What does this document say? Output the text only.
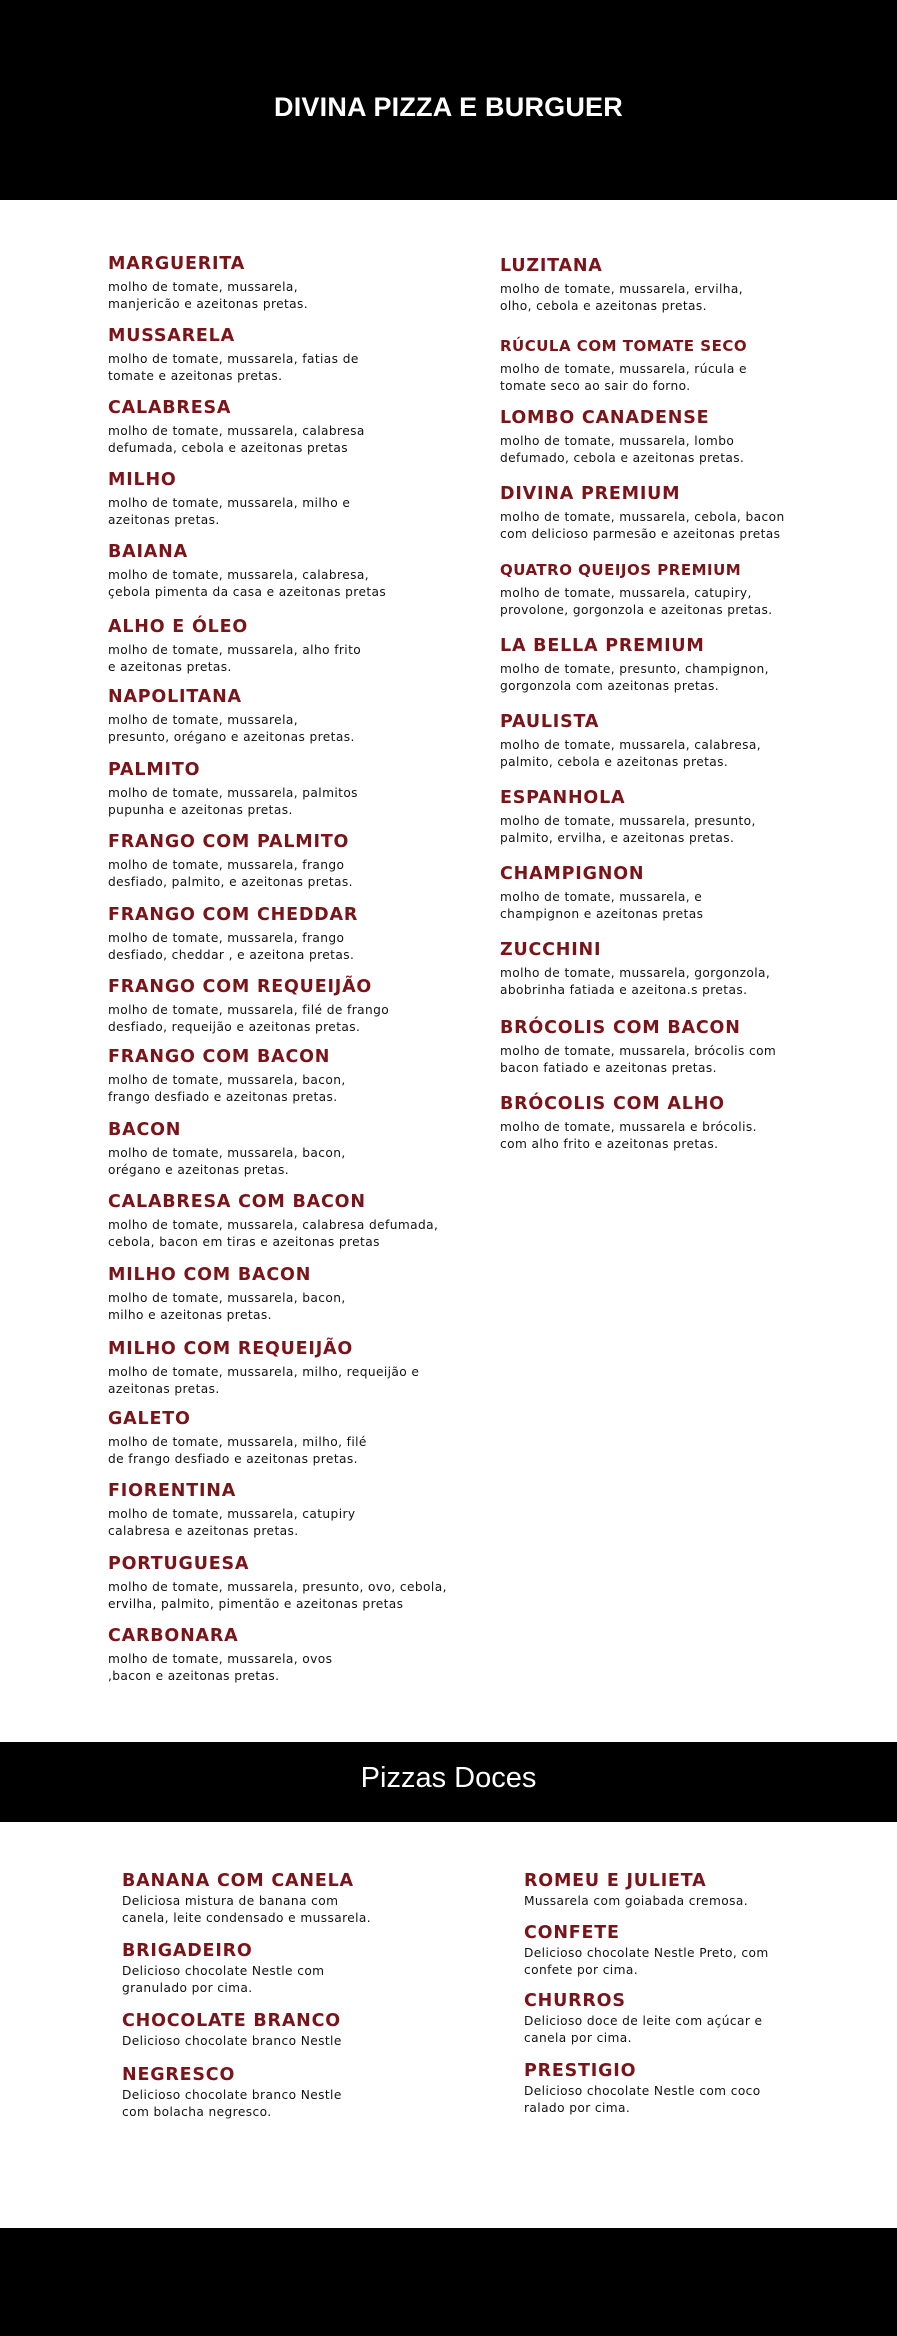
DIVINA PIZZA E BURGUER
MARGUERITA

molho de tomate, mussarela,
manjericão e azeitonas pretas.

MUSSARELA

molho de tomate, mussarela, fatias de
tomate e azeitonas pretas.

CALABRESA

molho de tomate, mussarela, calabresa
defumada, cebola e azeitonas pretas

MILHO

molho de tomate, mussarela, milho e
azeitonas pretas.

BAIANA

molho de tomate, mussarela, calabresa,
çebola pimenta da casa e azeitonas pretas

ALHO E ÓLEO

molho de tomate, mussarela, alho frito
e azeitonas pretas.

NAPOLITANA

molho de tomate, mussarela,
presunto, orégano e azeitonas pretas.

PALMITO

molho de tomate, mussarela, palmitos
pupunha e azeitonas pretas.

FRANGO COM PALMITO

molho de tomate, mussarela, frango
desfiado, palmito, e azeitonas pretas.

FRANGO COM CHEDDAR

molho de tomate, mussarela, frango
desfiado, cheddar , e azeitona pretas.

FRANGO COM REQUEIJÃO

molho de tomate, mussarela, filé de frango
desfiado, requeijão e azeitonas pretas.

FRANGO COM BACON

molho de tomate, mussarela, bacon,
frango desfiado e azeitonas pretas.

BACON

molho de tomate, mussarela, bacon,
orégano e azeitonas pretas.

CALABRESA COM BACON

molho de tomate, mussarela, calabresa defumada,
cebola, bacon em tiras e azeitonas pretas

MILHO COM BACON

molho de tomate, mussarela, bacon,
milho e azeitonas pretas.

MILHO COM REQUEIJÃO

molho de tomate, mussarela, milho, requeijão e
azeitonas pretas.

GALETO

molho de tomate, mussarela, milho, filé
de frango desfiado e azeitonas pretas.

FIORENTINA

molho de tomate, mussarela, catupiry
calabresa e azeitonas pretas.

PORTUGUESA

molho de tomate, mussarela, presunto, ovo, cebola,
ervilha, palmito, pimentão e azeitonas pretas

CARBONARA

molho de tomate, mussarela, ovos
,bacon e azeitonas pretas.

LUZITANA

molho de tomate, mussarela, ervilha,
olho, cebola e azeitonas pretas.

RÚCULA COM TOMATE SECO

molho de tomate, mussarela, rúcula e
tomate seco ao sair do forno.

LOMBO CANADENSE

molho de tomate, mussarela, lombo
defumado, cebola e azeitonas pretas.

DIVINA PREMIUM

molho de tomate, mussarela, cebola, bacon
com delicioso parmesão e azeitonas pretas

QUATRO QUEIJOS PREMIUM

molho de tomate, mussarela, catupiry,
provolone, gorgonzola e azeitonas pretas.

LA BELLA PREMIUM

molho de tomate, presunto, champignon,
gorgonzola com azeitonas pretas.

PAULISTA

molho de tomate, mussarela, calabresa,
palmito, cebola e azeitonas pretas.

ESPANHOLA

molho de tomate, mussarela, presunto,
palmito, ervilha, e azeitonas pretas.

CHAMPIGNON

molho de tomate, mussarela, e
champignon e azeitonas pretas

ZUCCHINI

molho de tomate, mussarela, gorgonzola,
abobrinha fatiada e azeitona.s pretas.

BRÓCOLIS COM BACON

molho de tomate, mussarela, brócolis com
bacon fatiado e azeitonas pretas.

BRÓCOLIS COM ALHO

molho de tomate, mussarela e brócolis.
com alho frito e azeitonas pretas.

Pizzas Doces
BANANA COM CANELA

Deliciosa mistura de banana com
canela, leite condensado e mussarela.

BRIGADEIRO

Delicioso chocolate Nestle com
granulado por cima.

CHOCOLATE BRANCO

Delicioso chocolate branco Nestle

NEGRESCO

Delicioso chocolate branco Nestle
com bolacha negresco.

ROMEU E JULIETA

Mussarela com goiabada cremosa.

CONFETE

Delicioso chocolate Nestle Preto, com
confete por cima.

CHURROS

Delicioso doce de leite com açúcar e
canela por cima.

PRESTIGIO

Delicioso chocolate Nestle com coco
ralado por cima.
